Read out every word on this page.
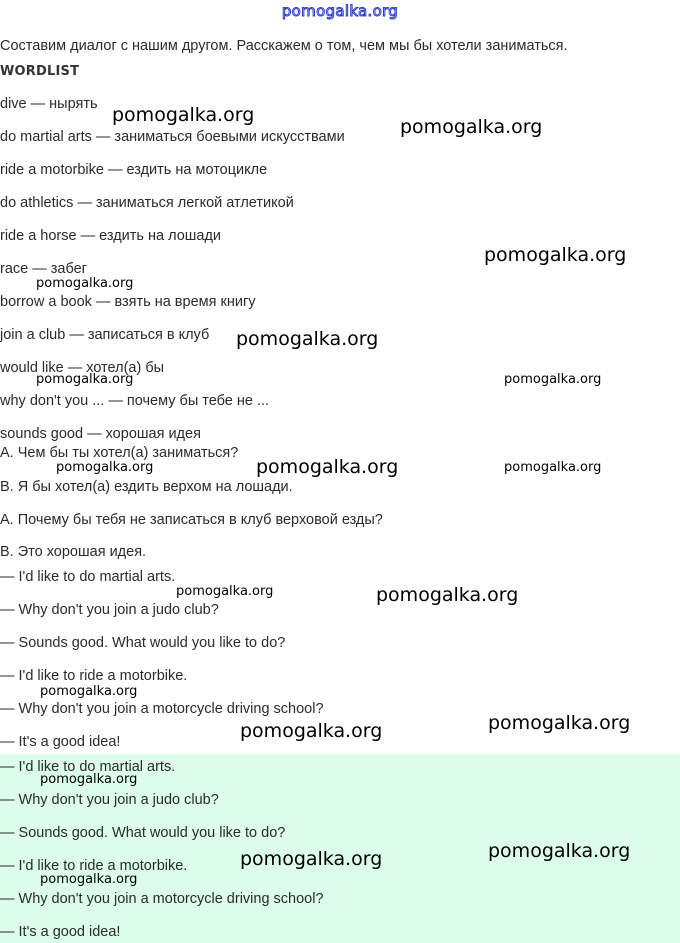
pomogalka.org
Составим диалог с нашим другом. Расскажем о том, чем мы бы хотели заниматься.
WORDLIST
dive — нырять
do martial arts — заниматься боевыми искусствами
ride a motorbike — ездить на мотоцикле
do athletics — заниматься легкой атлетикой
ride a horse — ездить на лошади
race — забег
borrow a book — взять на время книгу
join a club — записаться в клуб
would like — хотел(а) бы
why don't you ... — почему бы тебе не ...
sounds good — хорошая идея
A. Чем бы ты хотел(а) заниматься?
B. Я бы хотел(а) ездить верхом на лошади.
A. Почему бы тебя не записаться в клуб верховой езды?
B. Это хорошая идея.
— I'd like to do martial arts.
— Why don't you join a judo club?
— Sounds good. What would you like to do?
— I'd like to ride a motorbike.
— Why don't you join a motorcycle driving school?
— It's a good idea!
— I'd like to do martial arts.
— Why don't you join a judo club?
— Sounds good. What would you like to do?
— I'd like to ride a motorbike.
— Why don't you join a motorcycle driving school?
— It's a good idea!
pomogalka.org
pomogalka.org
pomogalka.org
pomogalka.org
pomogalka.org
pomogalka.org	pomogalka.org
pomogalka.org	pomogalka.org	pomogalka.org
pomogalka.org	pomogalka.org
pomogalka.org
pomogalka.org
pomogalka.org
pomogalka.org
pomogalka.org
pomogalka.org
pomogalka.org
